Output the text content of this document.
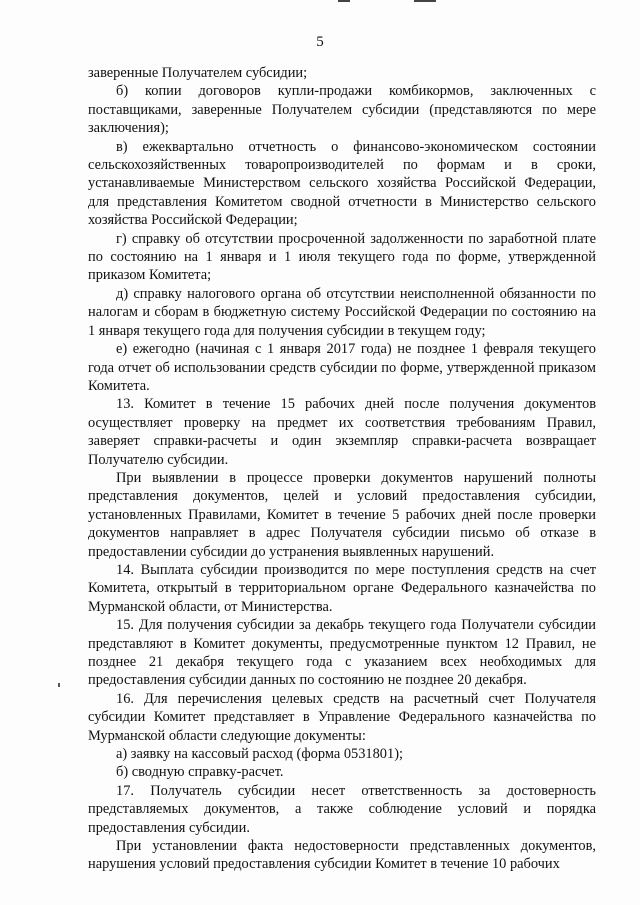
5

заверенные Получателем субсидии;

б) копии договоров купли-продажи комбикормов, заключенных с поставщиками, заверенные Получателем субсидии (представляются по мере заключения);

в) ежеквартально отчетность о финансово-экономическом состоянии сельскохозяйственных товаропроизводителей по формам и в сроки, устанавливаемые Министерством сельского хозяйства Российской Федерации, для представления Комитетом сводной отчетности в Министерство сельского хозяйства Российской Федерации;

г) справку об отсутствии просроченной задолженности по заработной плате по состоянию на 1 января и 1 июля текущего года по форме, утвержденной приказом Комитета;

д) справку налогового органа об отсутствии неисполненной обязанности по налогам и сборам в бюджетную систему Российской Федерации по состоянию на 1 января текущего года для получения субсидии в текущем году;

е) ежегодно (начиная с 1 января 2017 года) не позднее 1 февраля текущего года отчет об использовании средств субсидии по форме, утвержденной приказом Комитета.

13. Комитет в течение 15 рабочих дней после получения документов осуществляет проверку на предмет их соответствия требованиям Правил, заверяет справки-расчеты и один экземпляр справки-расчета возвращает Получателю субсидии.

При выявлении в процессе проверки документов нарушений полноты представления документов, целей и условий предоставления субсидии, установленных Правилами, Комитет в течение 5 рабочих дней после проверки документов направляет в адрес Получателя субсидии письмо об отказе в предоставлении субсидии до устранения выявленных нарушений.

14. Выплата субсидии производится по мере поступления средств на счет Комитета, открытый в территориальном органе Федерального казначейства по Мурманской области, от Министерства.

15. Для получения субсидии за декабрь текущего года Получатели субсидии представляют в Комитет документы, предусмотренные пунктом 12 Правил, не позднее 21 декабря текущего года с указанием всех необходимых для предоставления субсидии данных по состоянию не позднее 20 декабря.

16. Для перечисления целевых средств на расчетный счет Получателя субсидии Комитет представляет в Управление Федерального казначейства по Мурманской области следующие документы:

а) заявку на кассовый расход (форма 0531801);

б) сводную справку-расчет.

17. Получатель субсидии несет ответственность за достоверность представляемых документов, а также соблюдение условий и порядка предоставления субсидии.

При установлении факта недостоверности представленных документов, нарушения условий предоставления субсидии Комитет в течение 10 рабочих
